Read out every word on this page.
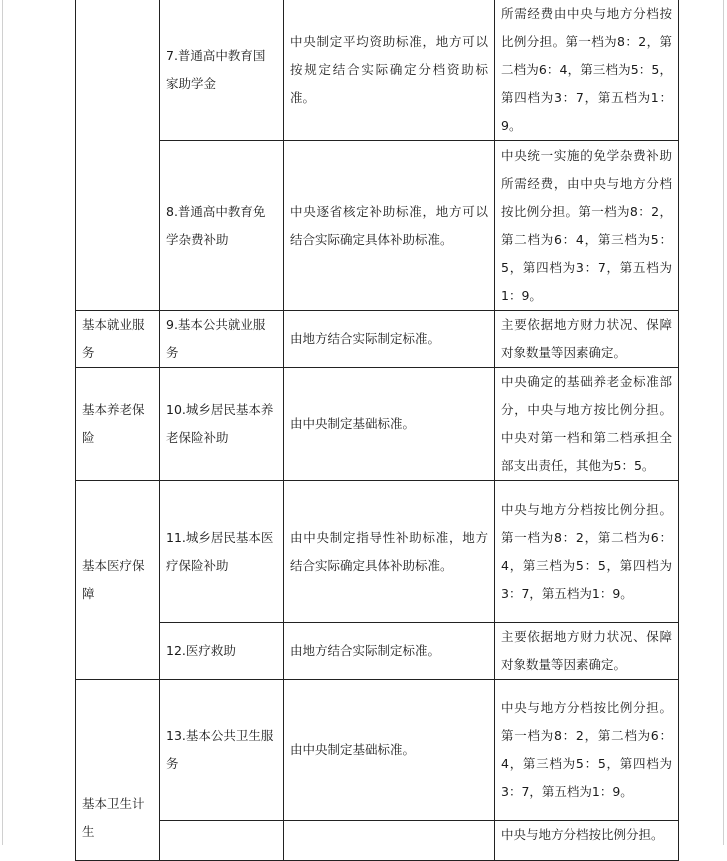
	7.普通高中教育国家助学金	中央制定平均资助标准，地方可以按规定结合实际确定分档资助标准。	所需经费由中央与地方分档按比例分担。第一档为8：2，第二档为6：4，第三档为5：5，第四档为3：7，第五档为1：9。
	8.普通高中教育免学杂费补助	中央逐省核定补助标准，地方可以结合实际确定具体补助标准。	中央统一实施的免学杂费补助所需经费，由中央与地方分档按比例分担。第一档为8：2，第二档为6：4，第三档为5：5，第四档为3：7，第五档为1：9。
基本就业服务	9.基本公共就业服务	由地方结合实际制定标准。	主要依据地方财力状况、保障对象数量等因素确定。
基本养老保险	10.城乡居民基本养老保险补助	由中央制定基础标准。	中央确定的基础养老金标准部分，中央与地方按比例分担。中央对第一档和第二档承担全部支出责任，其他为5：5。
基本医疗保障	11.城乡居民基本医疗保险补助	由中央制定指导性补助标准，地方结合实际确定具体补助标准。	中央与地方分档按比例分担。第一档为8：2，第二档为6：4，第三档为5：5，第四档为3：7，第五档为1：9。
	12.医疗救助	由地方结合实际制定标准。	主要依据地方财力状况、保障对象数量等因素确定。
基本卫生计生	13.基本公共卫生服务	由中央制定基础标准。	中央与地方分档按比例分担。第一档为8：2，第二档为6：4，第三档为5：5，第四档为3：7，第五档为1：9。
			中央与地方分档按比例分担。
